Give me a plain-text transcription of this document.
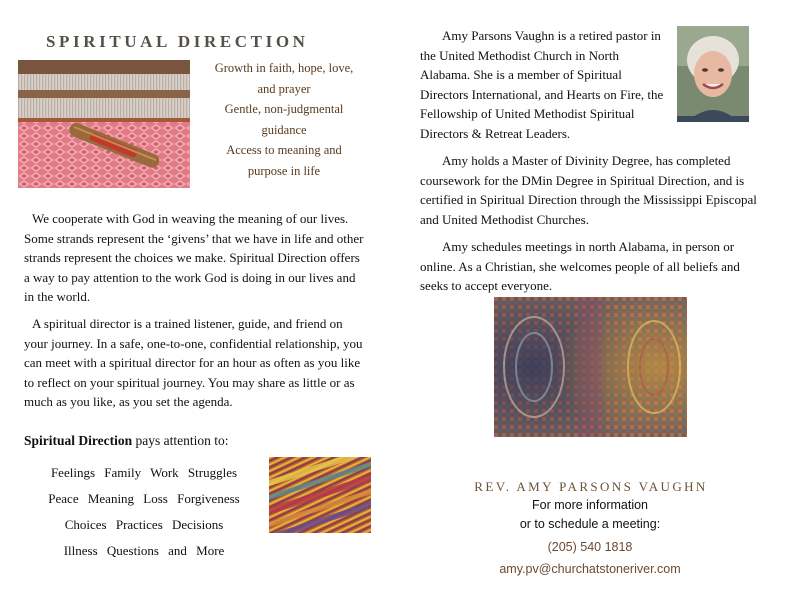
SPIRITUAL DIRECTION
Growth in faith, hope, love,
and prayer
Gentle, non-judgmental
guidance
Access to meaning and
purpose in life

We cooperate with God in weaving the meaning of our lives. Some strands represent the ‘givens’ that we have in life and other strands represent the choices we make. Spiritual Direction offers a way to pay attention to the work God is doing in our lives and in the world.

A spiritual director is a trained listener, guide, and friend on your journey. In a safe, one-to-one, confidential relationship, you can meet with a spiritual director for an hour as often as you like to reflect on your spiritual journey. You may share as little or as much as you like, as you set the agenda.

Spiritual Direction pays attention to:
Feelings Family Work Struggles
Peace Meaning Loss Forgiveness
Choices Practices Decisions
Illness Questions and More

Amy Parsons Vaughn is a retired pastor in the United Methodist Church in North Alabama. She is a member of Spiritual Directors International, and Hearts on Fire, the Fellowship of United Methodist Spiritual Directors & Retreat Leaders.

Amy holds a Master of Divinity Degree, has completed coursework for the DMin Degree in Spiritual Direction, and is certified in Spiritual Direction through the Mississippi Episcopal and United Methodist Churches.

Amy schedules meetings in north Alabama, in person or online. As a Christian, she welcomes people of all beliefs and seeks to accept everyone.

REV. AMY PARSONS VAUGHN
For more information
or to schedule a meeting:
(205) 540 1818
amy.pv@churchatstoneriver.com
